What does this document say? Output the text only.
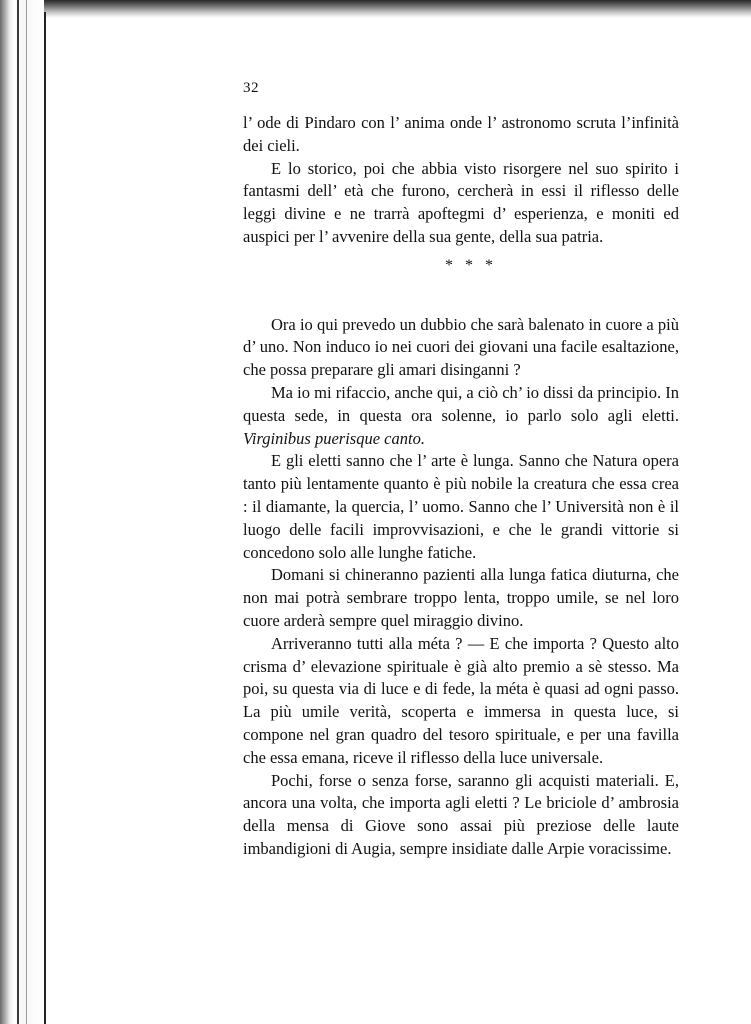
32

l’ ode di Pindaro con l’ anima onde l’ astronomo scruta l’infinità dei cieli.

E lo storico, poi che abbia visto risorgere nel suo spirito i fantasmi dell’ età che furono, cercherà in essi il riflesso delle leggi divine e ne trarrà apoftegmi d’ esperienza, e moniti ed auspici per l’ avvenire della sua gente, della sua patria.

* * *

Ora io qui prevedo un dubbio che sarà balenato in cuore a più d’ uno. Non induco io nei cuori dei giovani una facile esaltazione, che possa preparare gli amari disinganni ?

Ma io mi rifaccio, anche qui, a ciò ch’ io dissi da principio. In questa sede, in questa ora solenne, io parlo solo agli eletti. Virginibus puerisque canto.

E gli eletti sanno che l’ arte è lunga. Sanno che Natura opera tanto più lentamente quanto è più nobile la creatura che essa crea : il diamante, la quercia, l’ uomo. Sanno che l’ Università non è il luogo delle facili improvvisazioni, e che le grandi vittorie si concedono solo alle lunghe fatiche.

Domani si chineranno pazienti alla lunga fatica diuturna, che non mai potrà sembrare troppo lenta, troppo umile, se nel loro cuore arderà sempre quel miraggio divino.

Arriveranno tutti alla méta ? — E che importa ? Questo alto crisma d’ elevazione spirituale è già alto premio a sè stesso. Ma poi, su questa via di luce e di fede, la méta è quasi ad ogni passo. La più umile verità, scoperta e immersa in questa luce, si compone nel gran quadro del tesoro spirituale, e per una favilla che essa emana, riceve il riflesso della luce universale.

Pochi, forse o senza forse, saranno gli acquisti materiali. E, ancora una volta, che importa agli eletti ? Le briciole d’ ambrosia della mensa di Giove sono assai più preziose delle laute imbandigioni di Augia, sempre insidiate dalle Arpie voracissime.
